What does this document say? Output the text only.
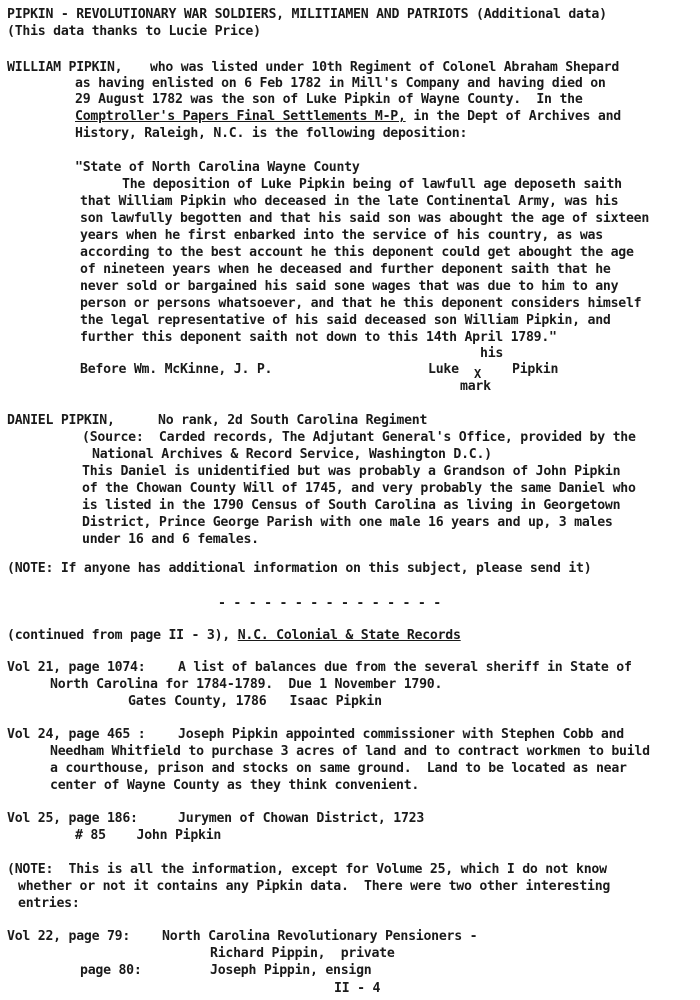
PIPKIN - REVOLUTIONARY WAR SOLDIERS, MILITIAMEN AND PATRIOTS (Additional data)
(This data thanks to Lucie Price)
WILLIAM PIPKIN, who was listed under 10th Regiment of Colonel Abraham Shepard
as having enlisted on 6 Feb 1782 in Mill's Company and having died on
29 August 1782 was the son of Luke Pipkin of Wayne County.  In the
Comptroller's Papers Final Settlements M-P, in the Dept of Archives and
History, Raleigh, N.C. is the following deposition:
"State of North Carolina Wayne County
The deposition of Luke Pipkin being of lawfull age deposeth saith
that William Pipkin who deceased in the late Continental Army, was his
son lawfully begotten and that his said son was abought the age of sixteen
years when he first enbarked into the service of his country, as was
according to the best account he this deponent could get abought the age
of nineteen years when he deceased and further deponent saith that he
never sold or bargained his said sone wages that was due to him to any
person or persons whatsoever, and that he this deponent considers himself
the legal representative of his said deceased son William Pipkin, and
further this deponent saith not down to this 14th April 1789."
his
Before Wm. McKinne, J. P.	Luke X Pipkin
mark
DANIEL PIPKIN,	No rank, 2d South Carolina Regiment
(Source:  Carded records, The Adjutant General's Office, provided by the
National Archives & Record Service, Washington D.C.)
This Daniel is unidentified but was probably a Grandson of John Pipkin
of the Chowan County Will of 1745, and very probably the same Daniel who
is listed in the 1790 Census of South Carolina as living in Georgetown
District, Prince George Parish with one male 16 years and up, 3 males
under 16 and 6 females.
(NOTE: If anyone has additional information on this subject, please send it)
- - - - - - - - - - - - - - -
(continued from page II - 3), N.C. Colonial & State Records
Vol 21, page 1074: A list of balances due from the several sheriff in State of
North Carolina for 1784-1789.  Due 1 November 1790.
Gates County, 1786   Isaac Pipkin
Vol 24, page 465 : Joseph Pipkin appointed commissioner with Stephen Cobb and
Needham Whitfield to purchase 3 acres of land and to contract workmen to build
a courthouse, prison and stocks on same ground.  Land to be located as near
center of Wayne County as they think convenient.
Vol 25, page 186:	Jurymen of Chowan District, 1723
# 85    John Pipkin
(NOTE:  This is all the information, except for Volume 25, which I do not know
whether or not it contains any Pipkin data.  There were two other interesting
entries:
Vol 22, page 79: North Carolina Revolutionary Pensioners -
Richard Pippin,  private
page 80:	Joseph Pippin, ensign
II - 4
